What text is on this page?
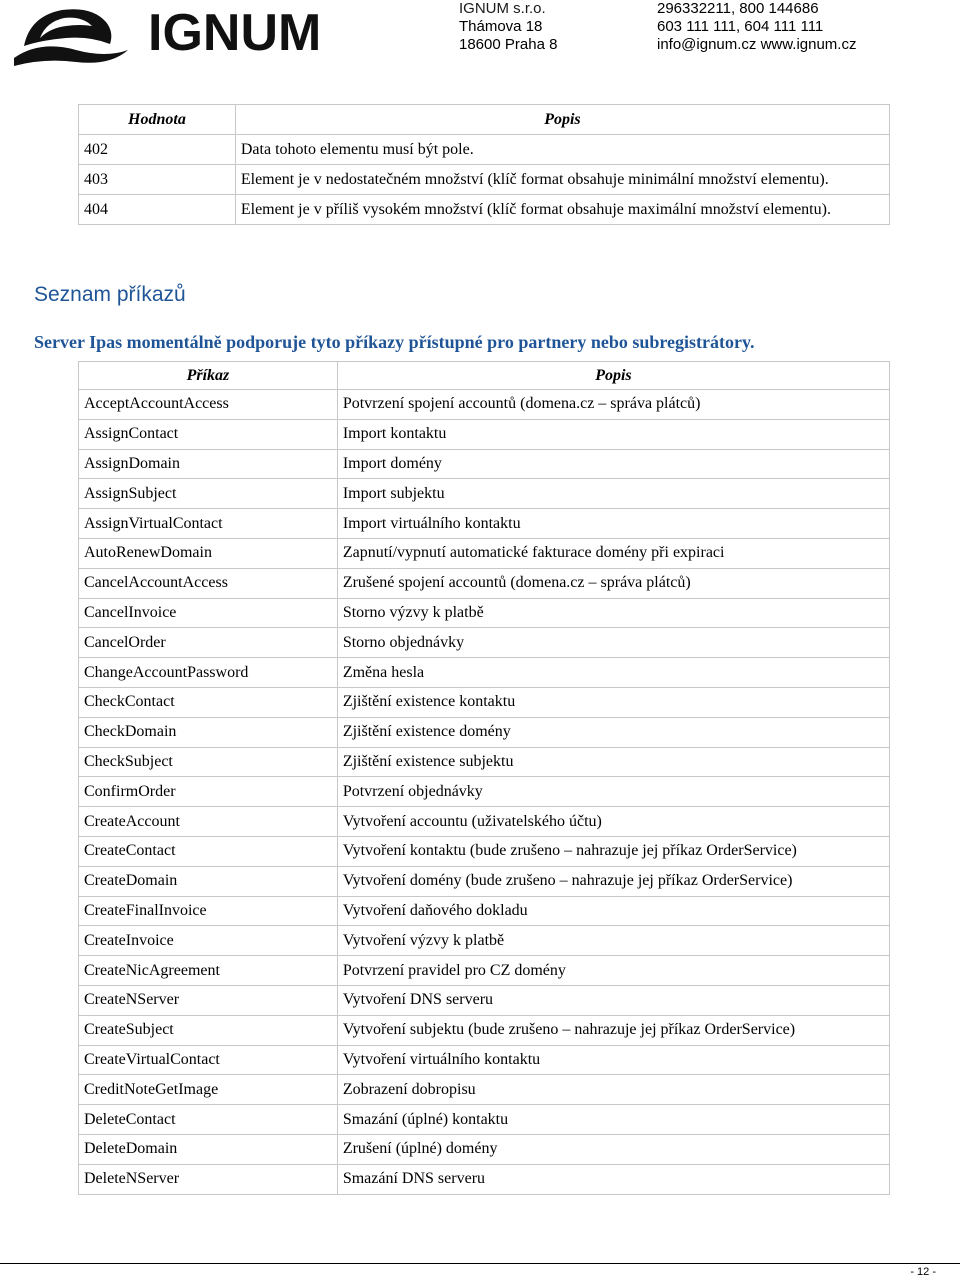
IGNUM	IGNUM s.r.o.
Thámova 18
18600 Praha 8
296332211, 800 144686
603 111 111, 604 111 111
info@ignum.cz www.ignum.cz
Hodnota	Popis
402	Data tohoto elementu musí být pole.
403	Element je v nedostatečném množství (klíč format obsahuje minimální množství elementu).
404	Element je v příliš vysokém množství (klíč format obsahuje maximální množství elementu).
Seznam příkazů
Server Ipas momentálně podporuje tyto příkazy přístupné pro partnery nebo subregistrátory.
Příkaz	Popis
AcceptAccountAccess	Potvrzení spojení accountů (domena.cz – správa plátců)
AssignContact	Import kontaktu
AssignDomain	Import domény
AssignSubject	Import subjektu
AssignVirtualContact	Import virtuálního kontaktu
AutoRenewDomain	Zapnutí/vypnutí automatické fakturace domény při expiraci
CancelAccountAccess	Zrušené spojení accountů (domena.cz – správa plátců)
CancelInvoice	Storno výzvy k platbě
CancelOrder	Storno objednávky
ChangeAccountPassword	Změna hesla
CheckContact	Zjištění existence kontaktu
CheckDomain	Zjištění existence domény
CheckSubject	Zjištění existence subjektu
ConfirmOrder	Potvrzení objednávky
CreateAccount	Vytvoření accountu (uživatelského účtu)
CreateContact	Vytvoření kontaktu (bude zrušeno – nahrazuje jej příkaz OrderService)
CreateDomain	Vytvoření domény (bude zrušeno – nahrazuje jej příkaz OrderService)
CreateFinalInvoice	Vytvoření daňového dokladu
CreateInvoice	Vytvoření výzvy k platbě
CreateNicAgreement	Potvrzení pravidel pro CZ domény
CreateNServer	Vytvoření DNS serveru
CreateSubject	Vytvoření subjektu (bude zrušeno – nahrazuje jej příkaz OrderService)
CreateVirtualContact	Vytvoření virtuálního kontaktu
CreditNoteGetImage	Zobrazení dobropisu
DeleteContact	Smazání (úplné) kontaktu
DeleteDomain	Zrušení (úplné) domény
DeleteNServer	Smazání DNS serveru
- 12 -
